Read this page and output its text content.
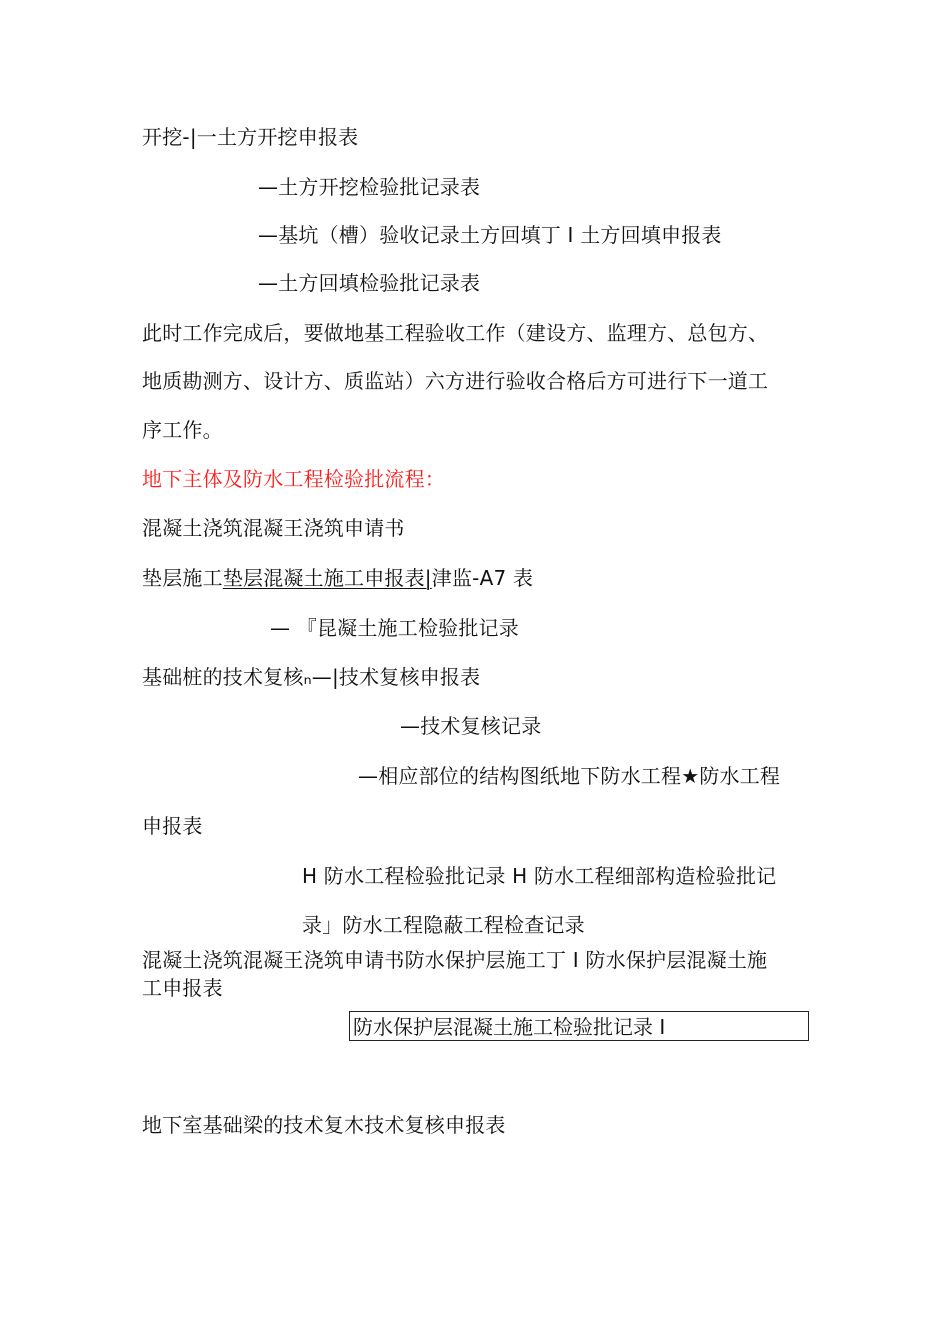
开挖-|一土方开挖申报表
—土方开挖检验批记录表
—基坑（槽）验收记录土方回填丁 I 土方回填申报表
—土方回填检验批记录表
此时工作完成后，要做地基工程验收工作（建设方、监理方、总包方、
地质勘测方、设计方、质监站）六方进行验收合格后方可进行下一道工
序工作。
地下主体及防水工程检验批流程：
混凝土浇筑混凝王浇筑申请书
垫层施工垫层混凝土施工申报表|津监-A7 表
— 『昆凝土施工检验批记录
基础桩的技术复核ₙ—|技术复核申报表
—技术复核记录
—相应部位的结构图纸地下防水工程★防水工程
申报表
H 防水工程检验批记录 H 防水工程细部构造检验批记
录」防水工程隐蔽工程检查记录
混凝土浇筑混凝王浇筑申请书防水保护层施工丁 I 防水保护层混凝土施
工申报表
防水保护层混凝土施工检验批记录 I
地下室基础梁的技术复木技术复核申报表
